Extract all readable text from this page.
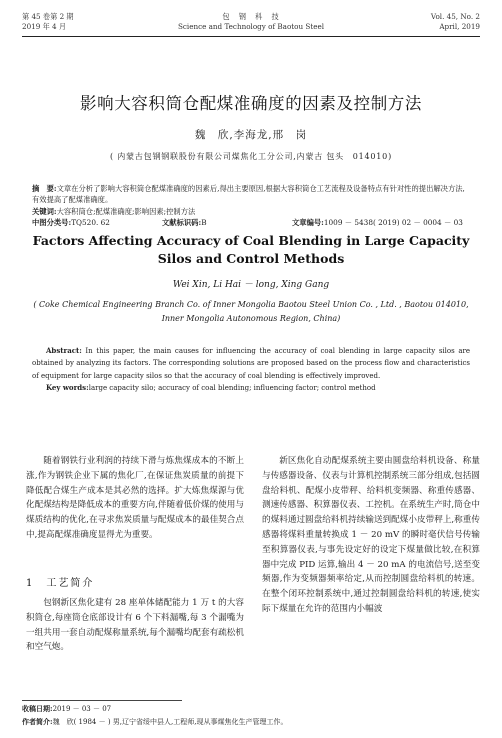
第 45 卷第 2 期
2019 年 4 月
包　钢　科　技
Science and Technology of Baotou Steel
Vol. 45, No. 2
April, 2019
影响大容积筒仓配煤准确度的因素及控制方法
魏　欣,李海龙,邢　岗
( 内蒙古包钢钢联股份有限公司煤焦化工分公司,内蒙古 包头　014010)
摘　要:文章在分析了影响大容积筒仓配煤准确度的因素后,得出主要原因,根据大容积筒仓工艺流程及设备特点有针对性的提出解决方法,有效提高了配煤准确度。
关键词:大容积筒仓;配煤准确度;影响因素;控制方法
中图分类号:TQ520. 62	文献标识码:B	文章编号:1009 － 5438( 2019) 02 － 0004 － 03
Factors Affecting Accuracy of Coal Blending in Large Capacity
Silos and Control Methods
Wei Xin, Li Hai － long, Xing Gang
( Coke Chemical Engineering Branch Co. of Inner Mongolia Baotou Steel Union Co. , Ltd. , Baotou 014010,
Inner Mongolia Autonomous Region, China)

Abstract: In this paper, the main causes for influencing the accuracy of coal blending in large capacity silos are obtained by analyzing its factors. The corresponding solutions are proposed based on the process flow and characteristics of equipment for large capacity silos so that the accuracy of coal blending is effectively improved.

Key words:large capacity silo; accuracy of coal blending; influencing factor; control method

随着钢铁行业利润的持续下滑与炼焦煤成本的不断上涨,作为钢铁企业下属的焦化厂,在保证焦炭质量的前提下降低配合煤生产成本是其必然的选择。扩大炼焦煤源与优化配煤结构是降低成本的重要方向,伴随着低价煤的使用与煤质结构的优化,在寻求焦炭质量与配煤成本的最佳契合点中,提高配煤准确度显得尤为重要。

1　工艺简介

包钢新区焦化建有 28 座单体储配能力 1 万 t 的大容积筒仓,每座筒仓底部设计有 6 个下料漏嘴,每 3 个漏嘴为一组共用一套自动配煤称量系统,每个漏嘴均配套有疏松机和空气炮。

新区焦化自动配煤系统主要由圆盘给料机设备、称量与传感器设备、仪表与计算机控制系统三部分组成,包括圆盘给料机、配煤小皮带秤、给料机变频器、称重传感器、测速传感器、积算器仪表、工控机。在系统生产时,筒仓中的煤料通过圆盘给料机持续输送到配煤小皮带秤上,称重传感器将煤料重量转换成 1 － 20 mV 的瞬时毫伏信号传输至积算器仪表,与事先设定好的设定下煤量做比较,在积算器中完成 PID 运算,输出 4 － 20 mA 的电流信号,送至变频器,作为变频器频率给定,从而控制圆盘给料机的转速。在整个闭环控制系统中,通过控制圆盘给料机的转速,使实际下煤量在允许的范围内小幅波

收稿日期:2019 － 03 － 07
作者简介:魏　欣( 1984 － ) 男,辽宁省绥中县人,工程师,现从事煤焦化生产管理工作。
